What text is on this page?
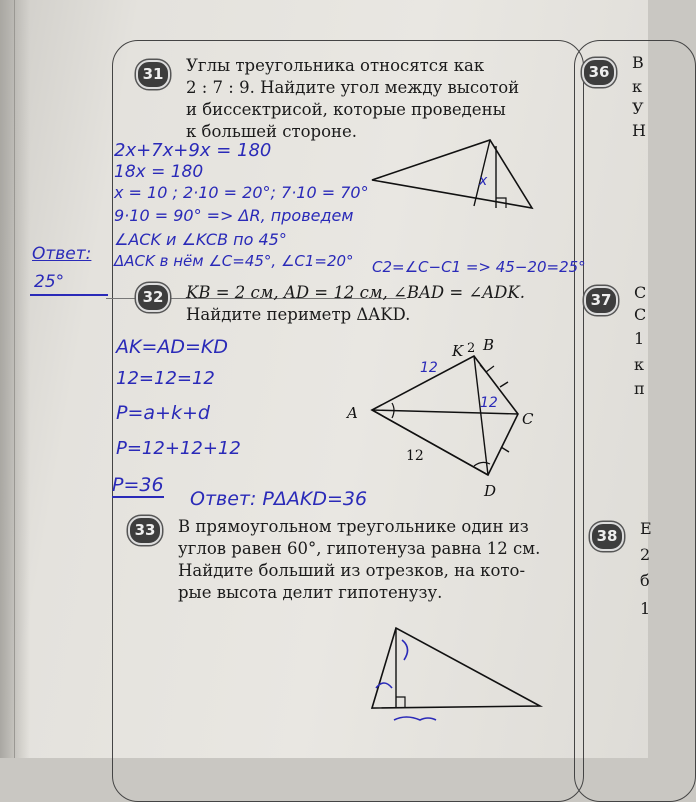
31	Углы треугольника относятся как

2 : 7 : 9. Найдите угол между высотой

и биссектрисой, которые проведены

к большей стороне.

x
2x+7x+9x = 180
18x = 180
x = 10 ; 2·10 = 20°; 7·10 = 70°
9·10 = 90° => ΔR, проведем
∠ACK и ∠KCB по 45°
ΔACK в нём ∠C=45°, ∠C1=20° C2=∠C−C1 => 45−20=25°
Ответ:
25°
32	KB = 2 см, AD = 12 см, ∠BAD = ∠ADK.

Найдите периметр ΔAKD.

A
B
C
D
K 2
12
12
12
AK=AD=KD
12=12=12
P=a+k+d
P=12+12+12
P=36
Ответ: PΔAKD=36
33	В прямоугольном треугольнике один из

углов равен 60°, гипотенуза равна 12 см.

Найдите больший из отрезков, на кото-

рые высота делит гипотенузу.

36	В
к
У
Н
37	С
С
1
к
п
38	Е
2
б
1
